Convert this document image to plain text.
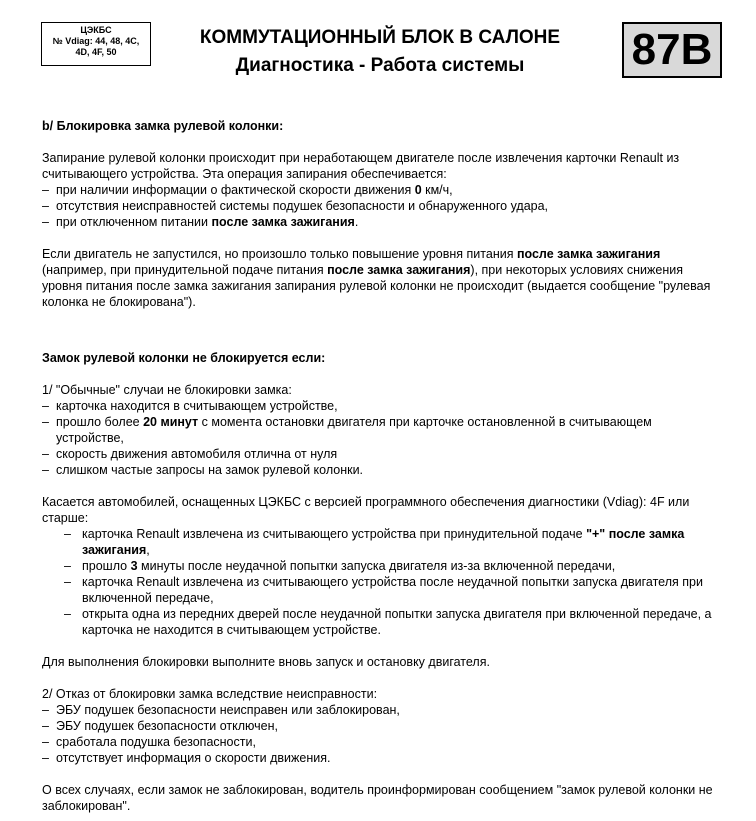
ЦЭКБС
№ Vdiag: 44, 48, 4C,
4D, 4F, 50
КОММУТАЦИОННЫЙ БЛОК В САЛОНЕ
Диагностика - Работа системы	87B

b/ Блокировка замка рулевой колонки:

Запирание рулевой колонки происходит при неработающем двигателе после извлечения карточки Renault из считывающего устройства. Эта операция запирания обеспечивается:

– при наличии информации о фактической скорости движения 0 км/ч,
– отсутствия неисправностей системы подушек безопасности и обнаруженного удара,
– при отключенном питании после замка зажигания.

Если двигатель не запустился, но произошло только повышение уровня питания после замка зажигания (например, при принудительной подаче питания после замка зажигания), при некоторых условиях снижения уровня питания после замка зажигания запирания рулевой колонки не происходит (выдается сообщение "рулевая колонка не блокирована").

Замок рулевой колонки не блокируется если:

1/ "Обычные" случаи не блокировки замка:

– карточка находится в считывающем устройстве,
– прошло более 20 минут с момента остановки двигателя при карточке остановленной в считывающем устройстве,
– скорость движения автомобиля отлична от нуля
– слишком частые запросы на замок рулевой колонки.

Касается автомобилей, оснащенных ЦЭКБС с версией программного обеспечения диагностики (Vdiag): 4F или старше:

– карточка Renault извлечена из считывающего устройства при принудительной подаче "+" после замка зажигания,
– прошло 3 минуты после неудачной попытки запуска двигателя из-за включенной передачи,
– карточка Renault извлечена из считывающего устройства после неудачной попытки запуска двигателя при включенной передаче,
– открыта одна из передних дверей после неудачной попытки запуска двигателя при включенной передаче, а карточка не находится в считывающем устройстве.

Для выполнения блокировки выполните вновь запуск и остановку двигателя.

2/ Отказ от блокировки замка вследствие неисправности:

– ЭБУ подушек безопасности неисправен или заблокирован,
– ЭБУ подушек безопасности отключен,
– сработала подушка безопасности,
– отсутствует информация о скорости движения.

О всех случаях, если замок не заблокирован, водитель проинформирован сообщением "замок рулевой колонки не заблокирован".
